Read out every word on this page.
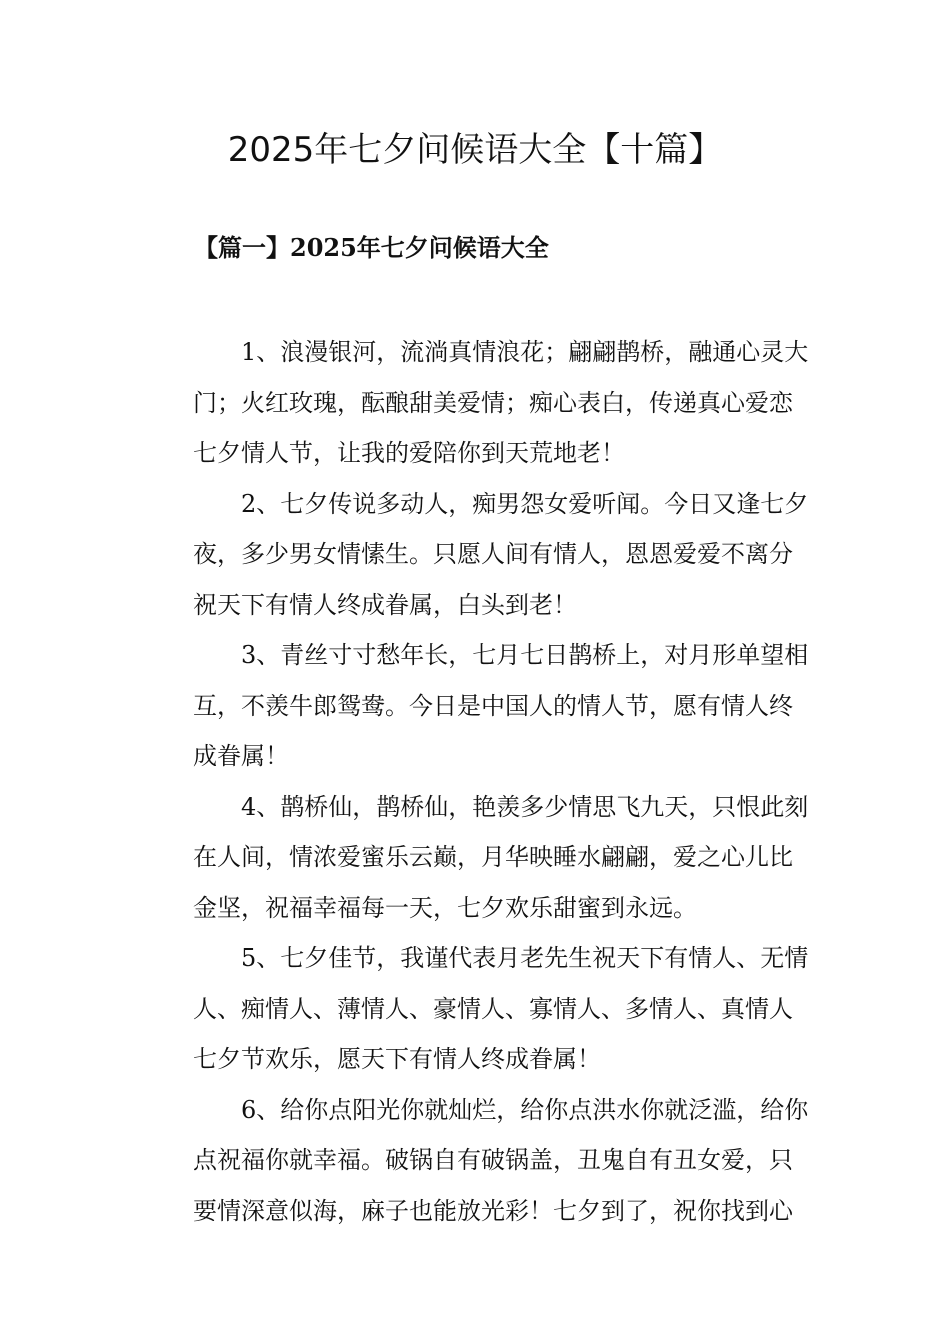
2025年七夕问候语大全【十篇】
【篇一】2025年七夕问候语大全

1、浪漫银河，流淌真情浪花；翩翩鹊桥，融通心灵大
门；火红玫瑰，酝酿甜美爱情；痴心表白，传递真心爱恋
七夕情人节，让我的爱陪你到天荒地老！

2、七夕传说多动人，痴男怨女爱听闻。今日又逢七夕
夜，多少男女情愫生。只愿人间有情人，恩恩爱爱不离分
祝天下有情人终成眷属，白头到老！

3、青丝寸寸愁年长，七月七日鹊桥上，对月形单望相
互，不羡牛郎鸳鸯。今日是中国人的情人节，愿有情人终
成眷属！

4、鹊桥仙，鹊桥仙，艳羡多少情思飞九天，只恨此刻
在人间，情浓爱蜜乐云巅，月华映睡水翩翩，爱之心儿比
金坚，祝福幸福每一天，七夕欢乐甜蜜到永远。

5、七夕佳节，我谨代表月老先生祝天下有情人、无情
人、痴情人、薄情人、豪情人、寡情人、多情人、真情人
七夕节欢乐，愿天下有情人终成眷属！

6、给你点阳光你就灿烂，给你点洪水你就泛滥，给你
点祝福你就幸福。破锅自有破锅盖，丑鬼自有丑女爱，只
要情深意似海，麻子也能放光彩！七夕到了，祝你找到心
